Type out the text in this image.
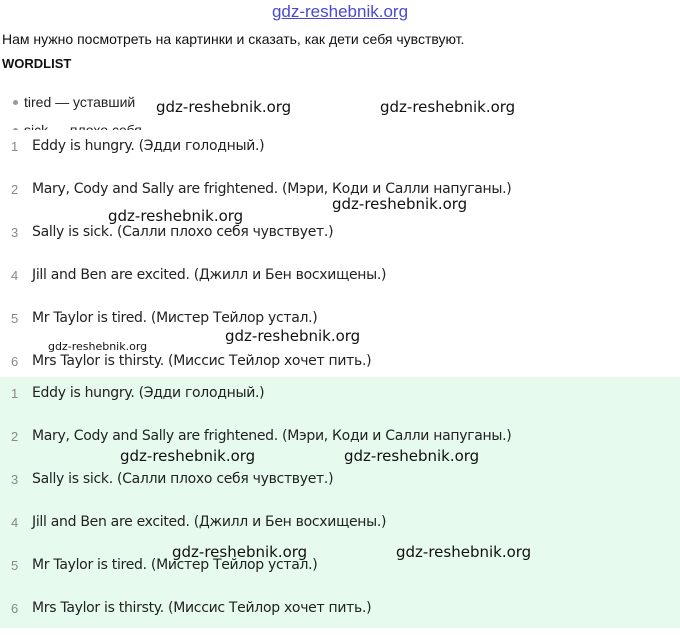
gdz-reshebnik.org
Нам нужно посмотреть на картинки и сказать, как дети себя чувствуют.
WORDLIST
tired — уставший
1 Eddy is hungry. (Эдди голодный.)
2 Mary, Cody and Sally are frightened. (Мэри, Коди и Салли напуганы.)
3 Sally is sick. (Салли плохо себя чувствует.)
4 Jill and Ben are excited. (Джилл и Бен восхищены.)
5 Mr Taylor is tired. (Мистер Тейлор устал.)
6 Mrs Taylor is thirsty. (Миссис Тейлор хочет пить.)
1 Eddy is hungry. (Эдди голодный.)
2 Mary, Cody and Sally are frightened. (Мэри, Коди и Салли напуганы.)
3 Sally is sick. (Салли плохо себя чувствует.)
4 Jill and Ben are excited. (Джилл и Бен восхищены.)
5 Mr Taylor is tired. (Мистер Тейлор устал.)
6 Mrs Taylor is thirsty. (Миссис Тейлор хочет пить.)
gdz-reshebnik.org	gdz-reshebnik.org
gdz-reshebnik.org
gdz-reshebnik.org
gdz-reshebnik.org
gdz-reshebnik.org
gdz-reshebnik.org	gdz-reshebnik.org
gdz-reshebnik.org	gdz-reshebnik.org
